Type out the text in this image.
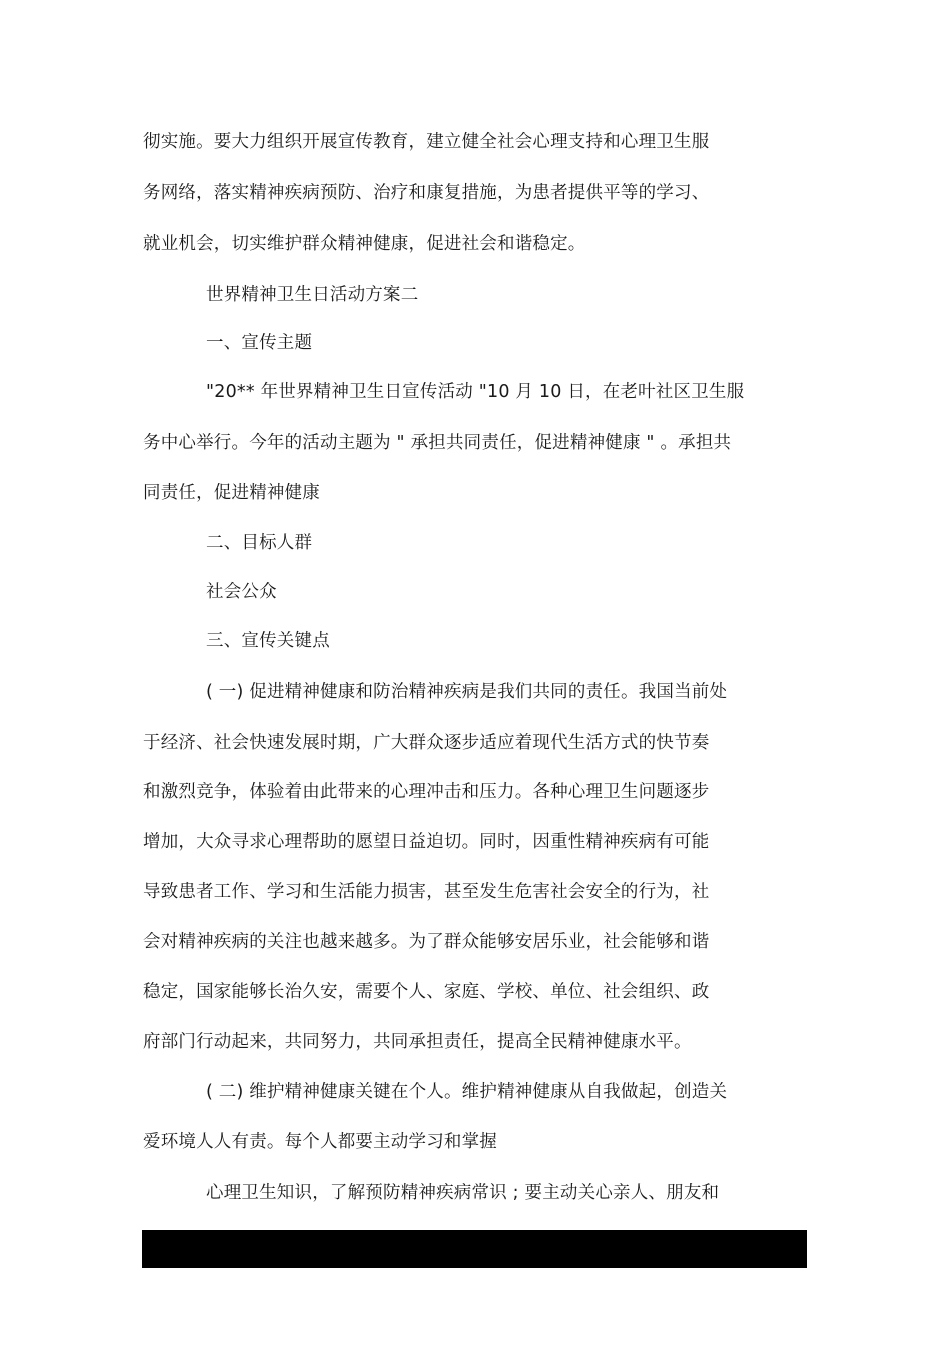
彻实施。要大力组织开展宣传教育，建立健全社会心理支持和心理卫生服
务网络，落实精神疾病预防、治疗和康复措施，为患者提供平等的学习、
就业机会，切实维护群众精神健康，促进社会和谐稳定。
世界精神卫生日活动方案二
一、宣传主题
"20** 年世界精神卫生日宣传活动 "10 月 10 日，在老叶社区卫生服
务中心举行。今年的活动主题为 " 承担共同责任，促进精神健康 " 。承担共
同责任，促进精神健康
二、目标人群
社会公众
三、宣传关键点
( 一) 促进精神健康和防治精神疾病是我们共同的责任。我国当前处
于经济、社会快速发展时期，广大群众逐步适应着现代生活方式的快节奏
和激烈竞争，体验着由此带来的心理冲击和压力。各种心理卫生问题逐步
增加，大众寻求心理帮助的愿望日益迫切。同时，因重性精神疾病有可能
导致患者工作、学习和生活能力损害，甚至发生危害社会安全的行为，社
会对精神疾病的关注也越来越多。为了群众能够安居乐业，社会能够和谐
稳定，国家能够长治久安，需要个人、家庭、学校、单位、社会组织、政
府部门行动起来，共同努力，共同承担责任，提高全民精神健康水平。
( 二) 维护精神健康关键在个人。维护精神健康从自我做起，创造关
爱环境人人有责。每个人都要主动学习和掌握
心理卫生知识，了解预防精神疾病常识 ; 要主动关心亲人、朋友和
